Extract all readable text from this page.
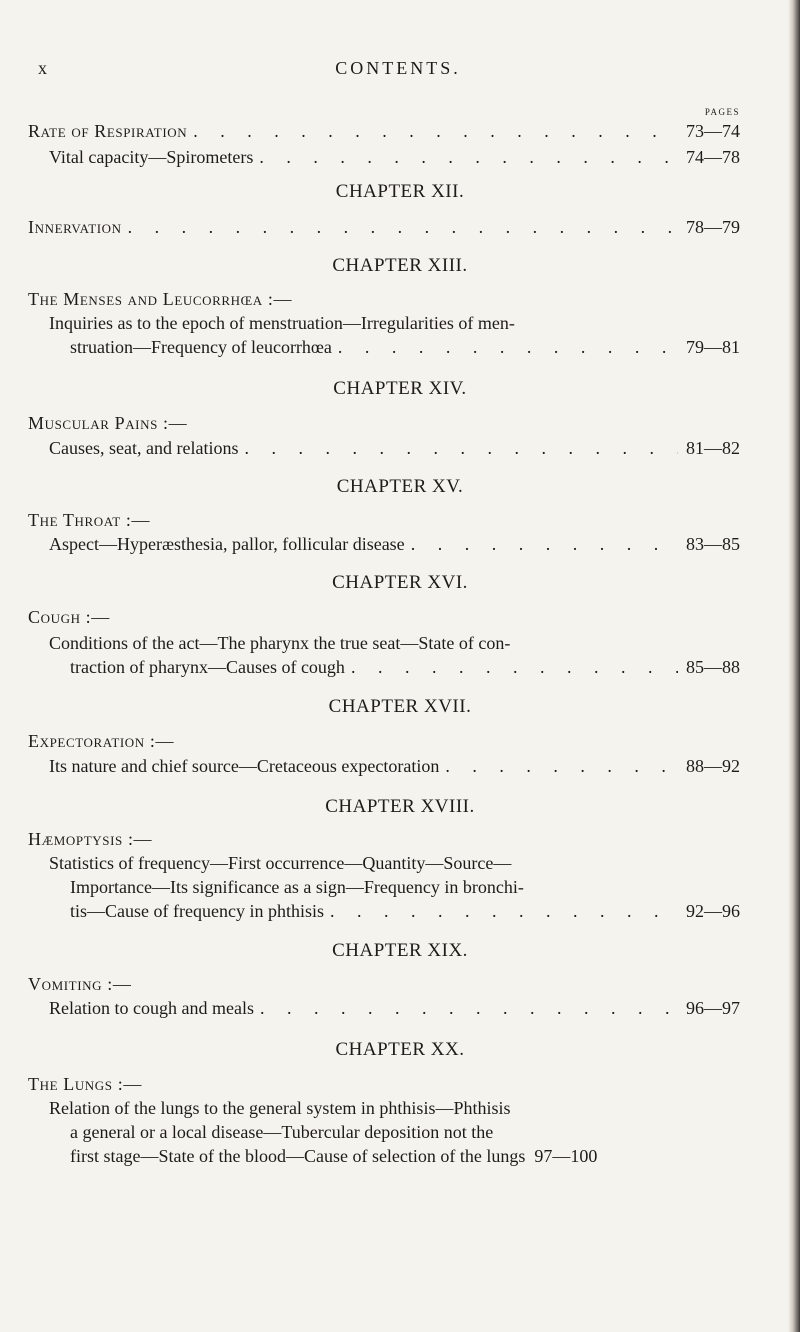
x	CONTENTS.
PAGES
Rate of Respiration . . .	73—74
Vital capacity—Spirometers . . .	74—78
CHAPTER XII.
Innervation . . .	78—79
CHAPTER XIII.
The Menses and Leucorrhœa :—
Inquiries as to the epoch of menstruation—Irregularities of men-
struation—Frequency of leucorrhœa . . .	79—81
CHAPTER XIV.
Muscular Pains :—
Causes, seat, and relations . . .	81—82
CHAPTER XV.
The Throat :—
Aspect—Hyperæsthesia, pallor, follicular disease . . .	83—85
CHAPTER XVI.
Cough :—
Conditions of the act—The pharynx the true seat—State of con-
traction of pharynx—Causes of cough . . .	85—88
CHAPTER XVII.
Expectoration :—
Its nature and chief source—Cretaceous expectoration . . .	88—92
CHAPTER XVIII.
Hæmoptysis :—
Statistics of frequency—First occurrence—Quantity—Source—
Importance—Its significance as a sign—Frequency in bronchi-
tis—Cause of frequency in phthisis . . .	92—96
CHAPTER XIX.
Vomiting :—
Relation to cough and meals . . .	96—97
CHAPTER XX.
The Lungs :—
Relation of the lungs to the general system in phthisis—Phthisis
a general or a local disease—Tubercular deposition not the
first stage—State of the blood—Cause of selection of the lungs 97—100
